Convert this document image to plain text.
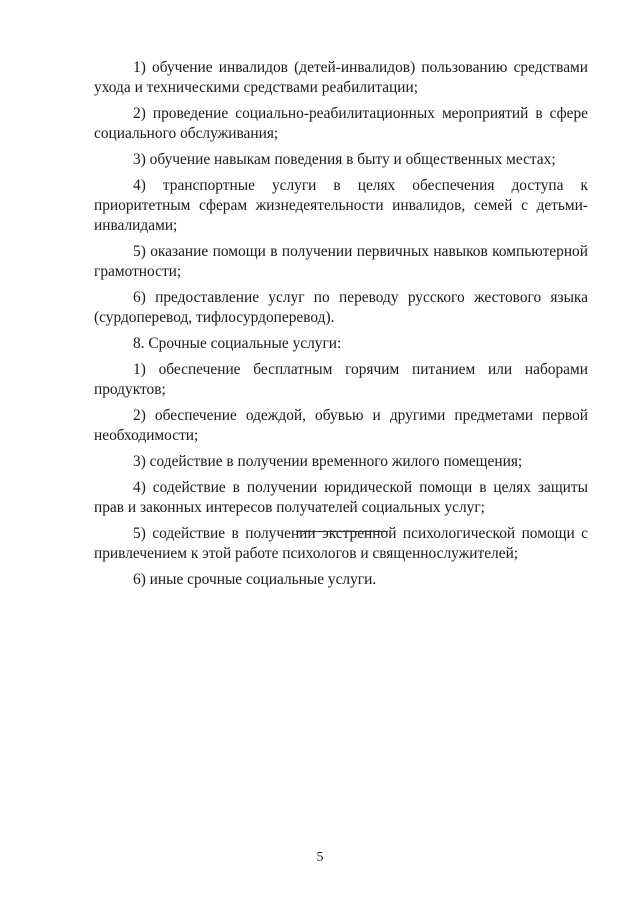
1) обучение инвалидов (детей-инвалидов) пользованию средствами ухода и техническими средствами реабилитации;

2) проведение социально-реабилитационных мероприятий в сфере социального обслуживания;

3) обучение навыкам поведения в быту и общественных местах;

4) транспортные услуги в целях обеспечения доступа к приоритетным сферам жизнедеятельности инвалидов, семей с детьми-инвалидами;

5) оказание помощи в получении первичных навыков компьютерной грамотности;

6) предоставление услуг по переводу русского жестового языка (сурдоперевод, тифлосурдоперевод).

8. Срочные социальные услуги:

1) обеспечение бесплатным горячим питанием или наборами продуктов;

2) обеспечение одеждой, обувью и другими предметами первой необходимости;

3) содействие в получении временного жилого помещения;

4) содействие в получении юридической помощи в целях защиты прав и законных интересов получателей социальных услуг;

5) содействие в получении экстренной психологической помощи с привлечением к этой работе психологов и священнослужителей;

6) иные срочные социальные услуги.

5
